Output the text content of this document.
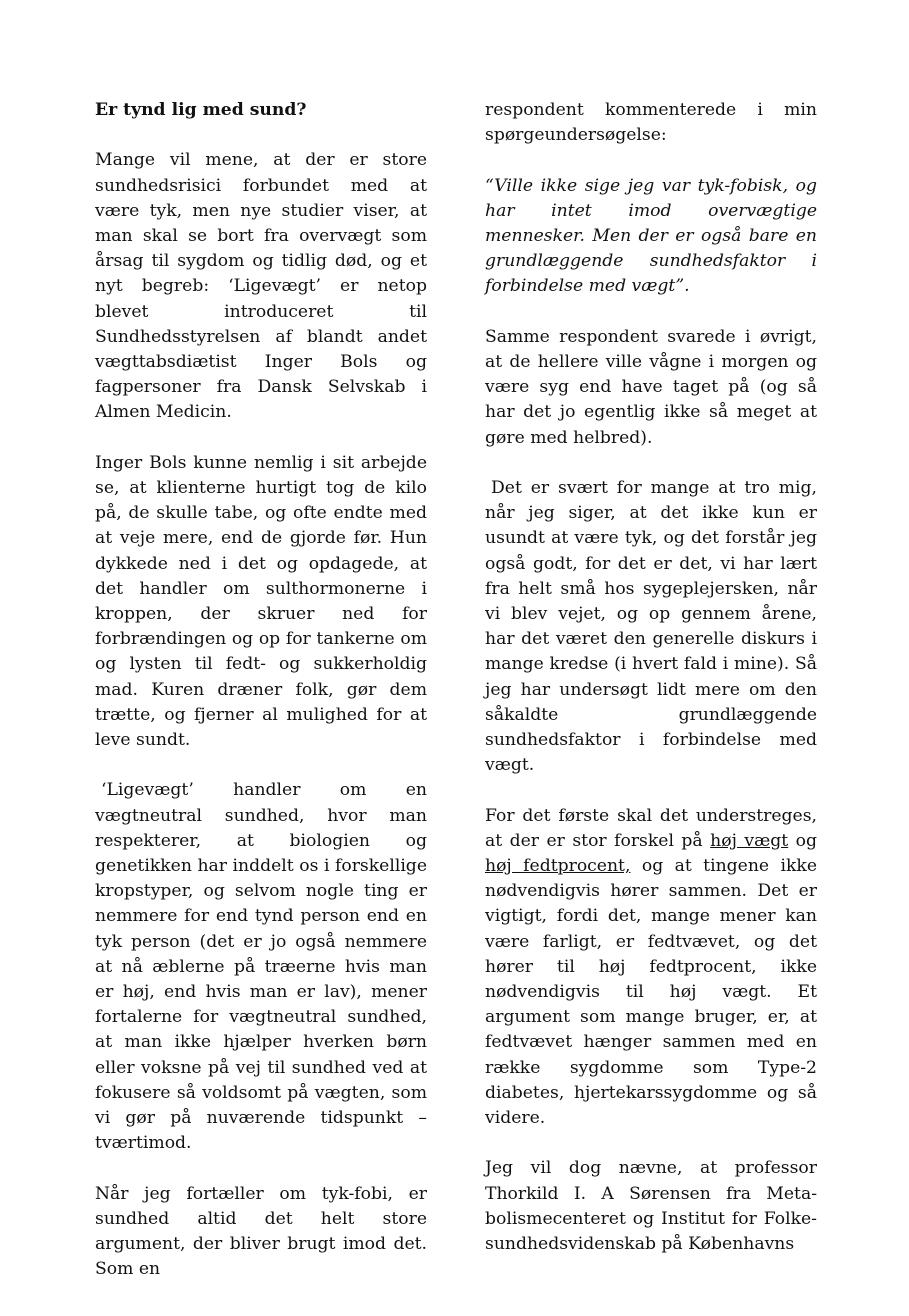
Er tynd lig med sund?

Mange vil mene, at der er store sundhedsrisici forbundet med at være tyk, men nye studier viser, at man skal se bort fra overvægt som årsag til sygdom og tidlig død, og et nyt begreb: ‘Ligevægt’ er netop blevet introduceret til Sundhedsstyrelsen af blandt andet vægttabsdiætist Inger Bols og fagpersoner fra Dansk Selvskab i Almen Medicin.

Inger Bols kunne nemlig i sit arbejde se, at klienterne hurtigt tog de kilo på, de skulle tabe, og ofte endte med at veje mere, end de gjorde før. Hun dykkede ned i det og opdagede, at det handler om sulthormonerne i kroppen, der skruer ned for forbrændingen og op for tankerne om og lysten til fedt- og sukkerholdig mad. Kuren dræner folk, gør dem trætte, og fjerner al mulighed for at leve sundt.

‘Ligevægt’ handler om en vægtneutral sundhed, hvor man respekterer, at biologien og genetikken har inddelt os i forskellige kropstyper, og selvom nogle ting er nemmere for end tynd person end en tyk person (det er jo også nemmere at nå æblerne på træerne hvis man er høj, end hvis man er lav), mener fortalerne for vægtneutral sundhed, at man ikke hjælper hverken børn eller voksne på vej til sundhed ved at fokusere så voldsomt på vægten, som vi gør på nuværende tidspunkt – tværtimod.

Når jeg fortæller om tyk-fobi, er sundhed altid det helt store argument, der bliver brugt imod det. Som en

respondent kommenterede i min spørgeundersøgelse:

“Ville ikke sige jeg var tyk-fobisk, og har intet imod overvægtige mennesker. Men der er også bare en grundlæggende sundhedsfaktor i forbindelse med vægt”.

Samme respondent svarede i øvrigt, at de hellere ville vågne i morgen og være syg end have taget på (og så har det jo egentlig ikke så meget at gøre med helbred).

Det er svært for mange at tro mig, når jeg siger, at det ikke kun er usundt at være tyk, og det forstår jeg også godt, for det er det, vi har lært fra helt små hos sygeplejersken, når vi blev vejet, og op gennem årene, har det været den generelle diskurs i mange kredse (i hvert fald i mine). Så jeg har undersøgt lidt mere om den såkaldte grundlæggende sundhedsfaktor i forbindelse med vægt.

For det første skal det understreges, at der er stor forskel på høj vægt og høj fedtprocent, og at tingene ikke nødvendigvis hører sammen. Det er vigtigt, fordi det, mange mener kan være farligt, er fedtvævet, og det hører til høj fedtprocent, ikke nødvendigvis til høj vægt. Et argument som mange bruger, er, at fedtvævet hænger sammen med en række sygdomme som Type-2 diabetes, hjertekarssygdomme og så videre.

Jeg vil dog nævne, at professor Thorkild I. A Sørensen fra Meta- bolismecenteret og Institut for Folke- sundhedsvidenskab på Københavns
